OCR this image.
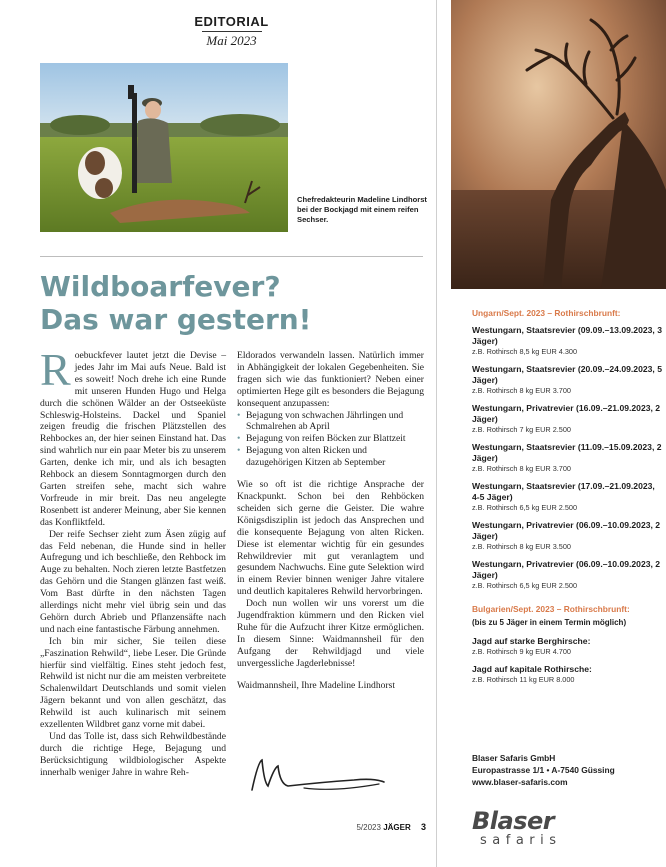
EDITORIAL
Mai 2023
Chefredakteurin Madeline Lindhorst bei der Bockjagd mit einem reifen Sechser.
Wildboarfever?
Das war gestern!
R oebuckfever lautet jetzt die Devise – jedes Jahr im Mai aufs Neue. Bald ist es soweit! Noch drehe ich eine Runde mit unseren Hunden Hugo und Helga durch die schönen Wälder an der Ostseeküste Schleswig-Holsteins. Dackel und Spaniel zeigen freudig die frischen Plätzstellen des Rehbockes an, der hier seinen Einstand hat. Das sind wahrlich nur ein paar Meter bis zu unserem Garten, denke ich mir, und als ich besagten Rehbock an diesem Sonntagmorgen durch den Garten streifen sehe, macht sich wahre Vorfreude in mir breit. Das neu angelegte Rosenbett ist anderer Meinung, aber Sie kennen das Konfliktfeld.

Der reife Sechser zieht zum Äsen zügig auf das Feld nebenan, die Hunde sind in heller Aufregung und ich beschließe, den Rehbock im Auge zu behalten. Noch zieren letzte Bastfetzen das Gehörn und die Stangen glänzen fast weiß. Vom Bast dürfte in den nächsten Tagen allerdings nicht mehr viel übrig sein und das Gehörn durch Abrieb und Pflanzensäfte nach und nach eine fantastische Färbung annehmen.

Ich bin mir sicher, Sie teilen diese „Faszination Rehwild“, liebe Leser. Die Gründe hierfür sind vielfältig. Eines steht jedoch fest, Rehwild ist nicht nur die am meisten verbreitete Schalenwildart Deutschlands und somit vielen Jägern bekannt und von allen geschätzt, das Rehwild ist auch kulinarisch mit seinem exzellenten Wildbret ganz vorne mit dabei.

Und das Tolle ist, dass sich Rehwildbestände durch die richtige Hege, Bejagung und Berücksichtigung wildbiologischer Aspekte innerhalb weniger Jahre in wahre Reh-

Eldorados verwandeln lassen. Natürlich immer in Abhängigkeit der lokalen Gegebenheiten. Sie fragen sich wie das funktioniert? Neben einer optimierten Hege gilt es besonders die Bejagung konsequent anzupassen:

• Bejagung von schwachen Jährlingen und Schmalrehen ab April
• Bejagung von reifen Böcken zur Blattzeit
• Bejagung von alten Ricken und dazugehörigen Kitzen ab September

Wie so oft ist die richtige Ansprache der Knackpunkt. Schon bei den Rehböcken scheiden sich gerne die Geister. Die wahre Königsdisziplin ist jedoch das Ansprechen und die konsequente Bejagung von alten Ricken. Diese ist elementar wichtig für ein gesundes Rehwildrevier mit gut veranlagtem und gesundem Nachwuchs. Eine gute Selektion wird in einem Revier binnen weniger Jahre vitalere und deutlich kapitaleres Rehwild hervorbringen.

Doch nun wollen wir uns vorerst um die Jugendfraktion kümmern und den Ricken viel Ruhe für die Aufzucht ihrer Kitze ermöglichen. In diesem Sinne: Waidmannsheil für den Aufgang der Rehwildjagd und viele unvergessliche Jagderlebnisse!

Waidmannsheil, Ihre Madeline Lindhorst

5/2023 JÄGER 3
Ungarn/Sept. 2023 – Rothirschbrunft:
Westungarn, Staatsrevier (09.09.–13.09.2023, 3 Jäger)
z.B. Rothirsch 8,5 kg EUR 4.300
Westungarn, Staatsrevier (20.09.–24.09.2023, 5 Jäger)
z.B. Rothirsch 8 kg EUR 3.700
Westungarn, Privatrevier (16.09.–21.09.2023, 2 Jäger)
z.B. Rothirsch 7 kg EUR 2.500
Westungarn, Staatsrevier (11.09.–15.09.2023, 2 Jäger)
z.B. Rothirsch 8 kg EUR 3.700
Westungarn, Staatsrevier (17.09.–21.09.2023, 4-5 Jäger)
z.B. Rothirsch 6,5 kg EUR 2.500
Westungarn, Privatrevier (06.09.–10.09.2023, 2 Jäger)
z.B. Rothirsch 8 kg EUR 3.500
Westungarn, Privatrevier (06.09.–10.09.2023, 2 Jäger)
z.B. Rothirsch 6,5 kg EUR 2.500
Bulgarien/Sept. 2023 – Rothirschbrunft:
(bis zu 5 Jäger in einem Termin möglich)
Jagd auf starke Berghirsche:
z.B. Rothirsch 9 kg EUR 4.700
Jagd auf kapitale Rothirsche:
z.B. Rothirsch 11 kg EUR 8.000
Blaser Safaris GmbH
Europastrasse 1/1 • A-7540 Güssing
www.blaser-safaris.com
Blaser
safaris
